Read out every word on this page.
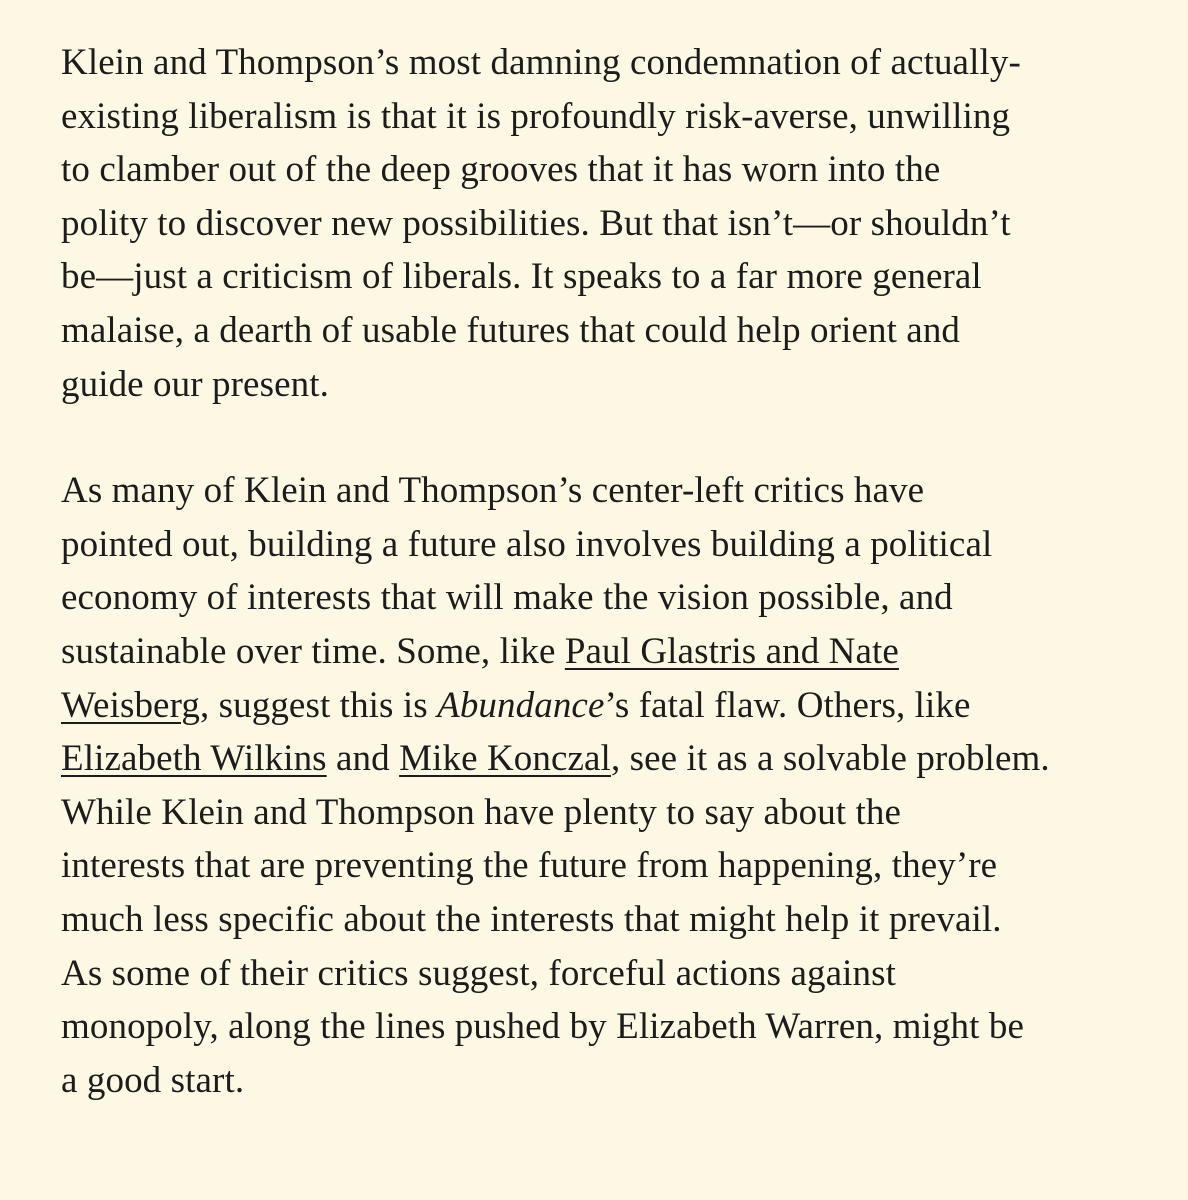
Klein and Thompson’s most damning condemnation of actually-
existing liberalism is that it is profoundly risk-averse, unwilling
to clamber out of the deep grooves that it has worn into the
polity to discover new possibilities. But that isn’t—or shouldn’t
be—just a criticism of liberals. It speaks to a far more general
malaise, a dearth of usable futures that could help orient and
guide our present.
As many of Klein and Thompson’s center-left critics have
pointed out, building a future also involves building a political
economy of interests that will make the vision possible, and
sustainable over time. Some, like Paul Glastris and Nate
Weisberg, suggest this is Abundance’s fatal flaw. Others, like
Elizabeth Wilkins and Mike Konczal, see it as a solvable problem.
While Klein and Thompson have plenty to say about the
interests that are preventing the future from happening, they’re
much less specific about the interests that might help it prevail.
As some of their critics suggest, forceful actions against
monopoly, along the lines pushed by Elizabeth Warren, might be
a good start.
